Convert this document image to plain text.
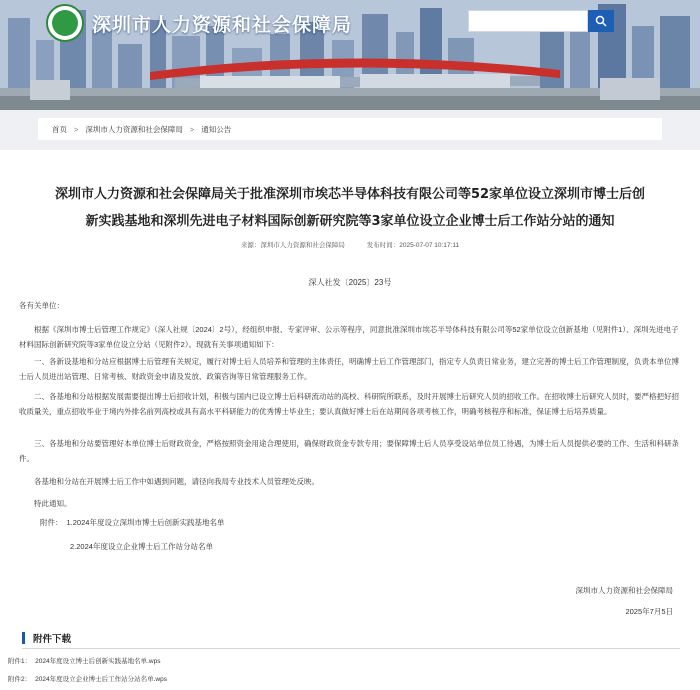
深圳市人力资源和社会保障局
首页 > 深圳市人力资源和社会保障局 > 通知公告
深圳市人力资源和社会保障局关于批准深圳市埃芯半导体科技有限公司等52家单位设立深圳市博士后创
新实践基地和深圳先进电子材料国际创新研究院等3家单位设立企业博士后工作站分站的通知
来源：深圳市人力资源和社会保障局	发布时间：2025-07-07 10:17:11
深人社发〔2025〕23号
各有关单位：
根据《深圳市博士后管理工作规定》（深人社规〔2024〕2号），经组织申报、专家评审、公示等程序，同意批准深圳市埃芯半导体科技有限公司等52家单位设立创新基地（见附件1）、深圳先进电子材料国际创新研究院等3家单位设立分站（见附件2）。现就有关事项通知如下：
一、各新设基地和分站应根据博士后管理有关规定，履行对博士后人员培养和管理的主体责任，明确博士后工作管理部门，指定专人负责日常业务，建立完善的博士后工作管理制度，负责本单位博士后人员进出站管理、日常考核、财政资金申请及发放、政策咨询等日常管理服务工作。
二、各基地和分站根据发展需要提出博士后招收计划，积极与国内已设立博士后科研流动站的高校、科研院所联系，及时开展博士后研究人员的招收工作。在招收博士后研究人员时，要严格把好招收质量关，重点招收毕业于境内外排名前列高校或具有高水平科研能力的优秀博士毕业生；要认真做好博士后在站期间各项考核工作，明确考核程序和标准，保证博士后培养质量。
三、各基地和分站要管理好本单位博士后财政资金，严格按照资金用途合理使用，确保财政资金专款专用；要保障博士后人员享受设站单位员工待遇，为博士后人员提供必要的工作、生活和科研条件。
各基地和分站在开展博士后工作中如遇到问题，请径向我局专业技术人员管理处反映。
特此通知。
附件： 1.2024年度设立深圳市博士后创新实践基地名单
2.2024年度设立企业博士后工作站分站名单
深圳市人力资源和社会保障局
2025年7月5日
附件下载
附件1： 2024年度设立博士后创新实践基地名单.wps
附件2： 2024年度设立企业博士后工作站分站名单.wps
